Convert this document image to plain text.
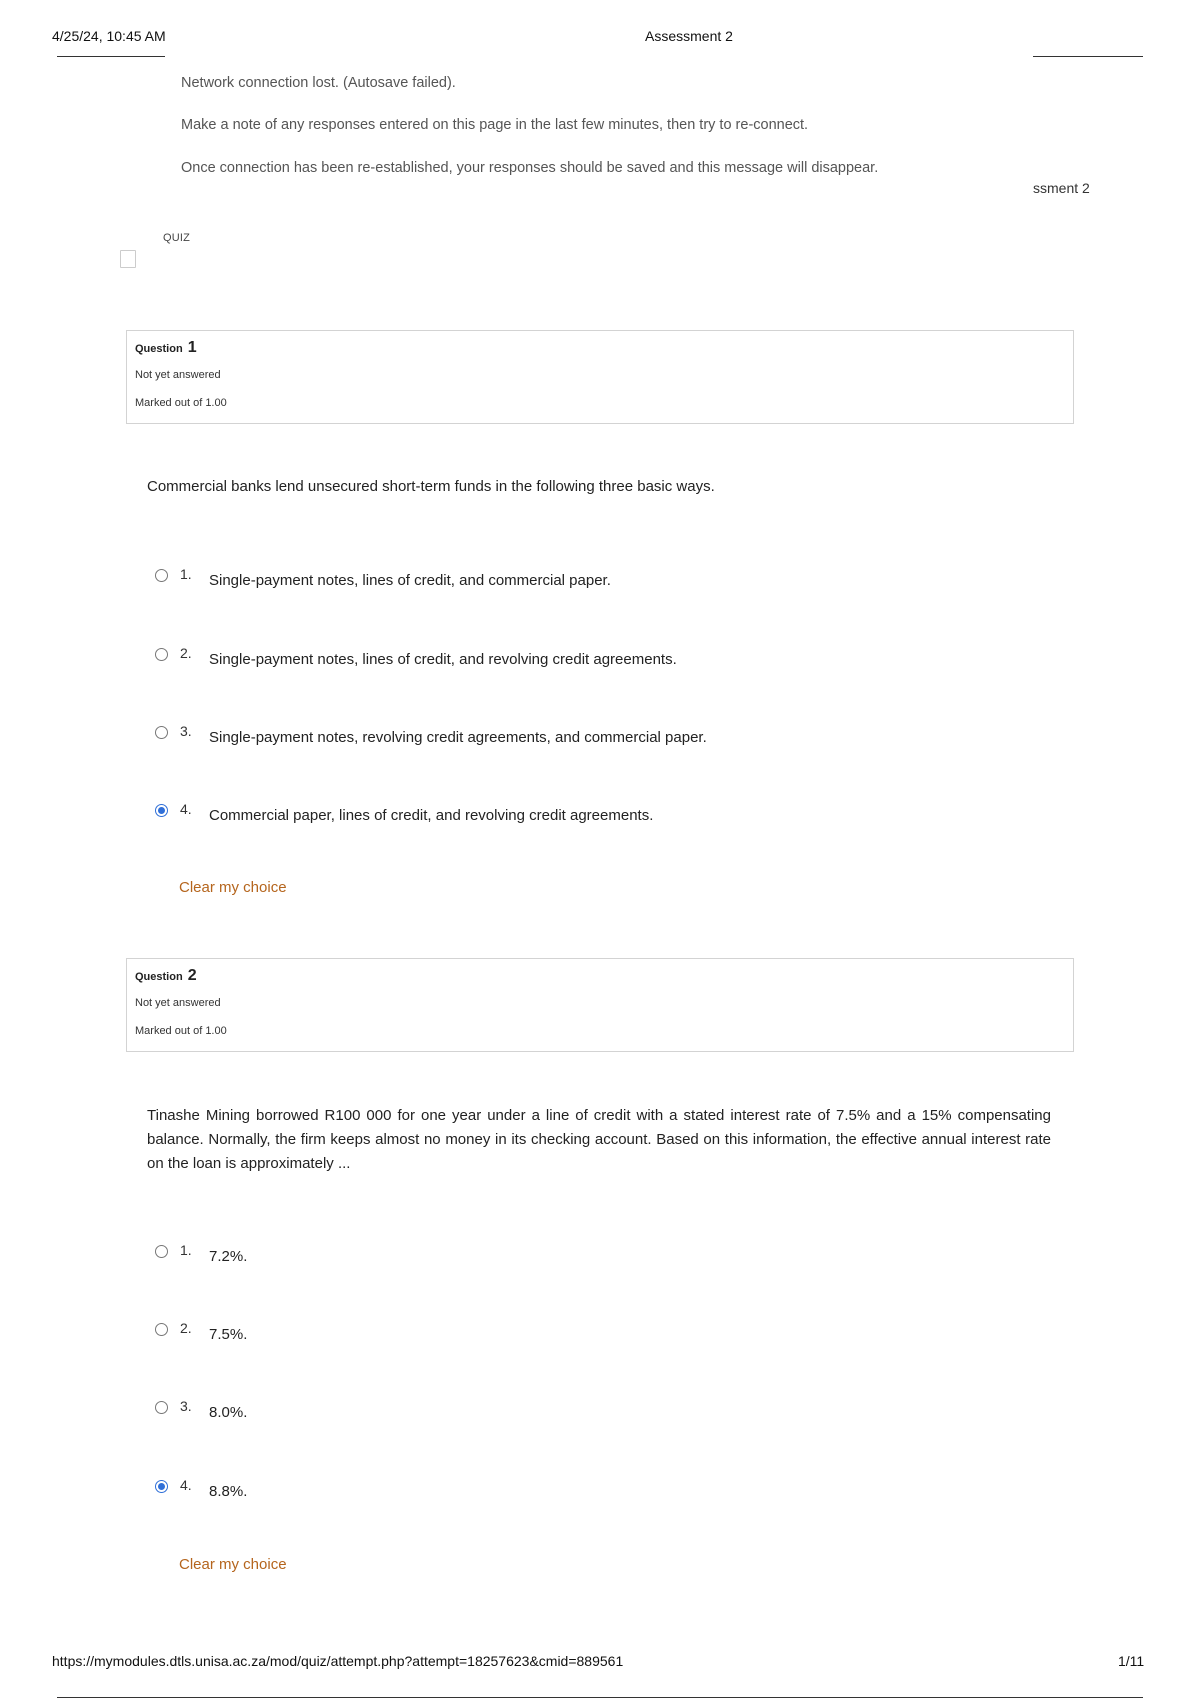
4/25/24, 10:45 AM	Assessment 2
Network connection lost. (Autosave failed).
Make a note of any responses entered on this page in the last few minutes, then try to re-connect.
Once connection has been re-established, your responses should be saved and this message will disappear.
ssment 2
QUIZ
Question 1
Not yet answered
Marked out of 1.00
Commercial banks lend unsecured short-term funds in the following three basic ways.
1. Single-payment notes, lines of credit, and commercial paper.
2. Single-payment notes, lines of credit, and revolving credit agreements.
3. Single-payment notes, revolving credit agreements, and commercial paper.
4. Commercial paper, lines of credit, and revolving credit agreements.
Clear my choice
Question 2
Not yet answered
Marked out of 1.00
Tinashe Mining borrowed R100 000 for one year under a line of credit with a stated interest rate of 7.5% and a 15% compensating balance. Normally, the firm keeps almost no money in its checking account. Based on this information, the effective annual interest rate on the loan is approximately ...
1. 7.2%.
2. 7.5%.
3. 8.0%.
4. 8.8%.
Clear my choice
https://mymodules.dtls.unisa.ac.za/mod/quiz/attempt.php?attempt=18257623&cmid=889561	1/11
